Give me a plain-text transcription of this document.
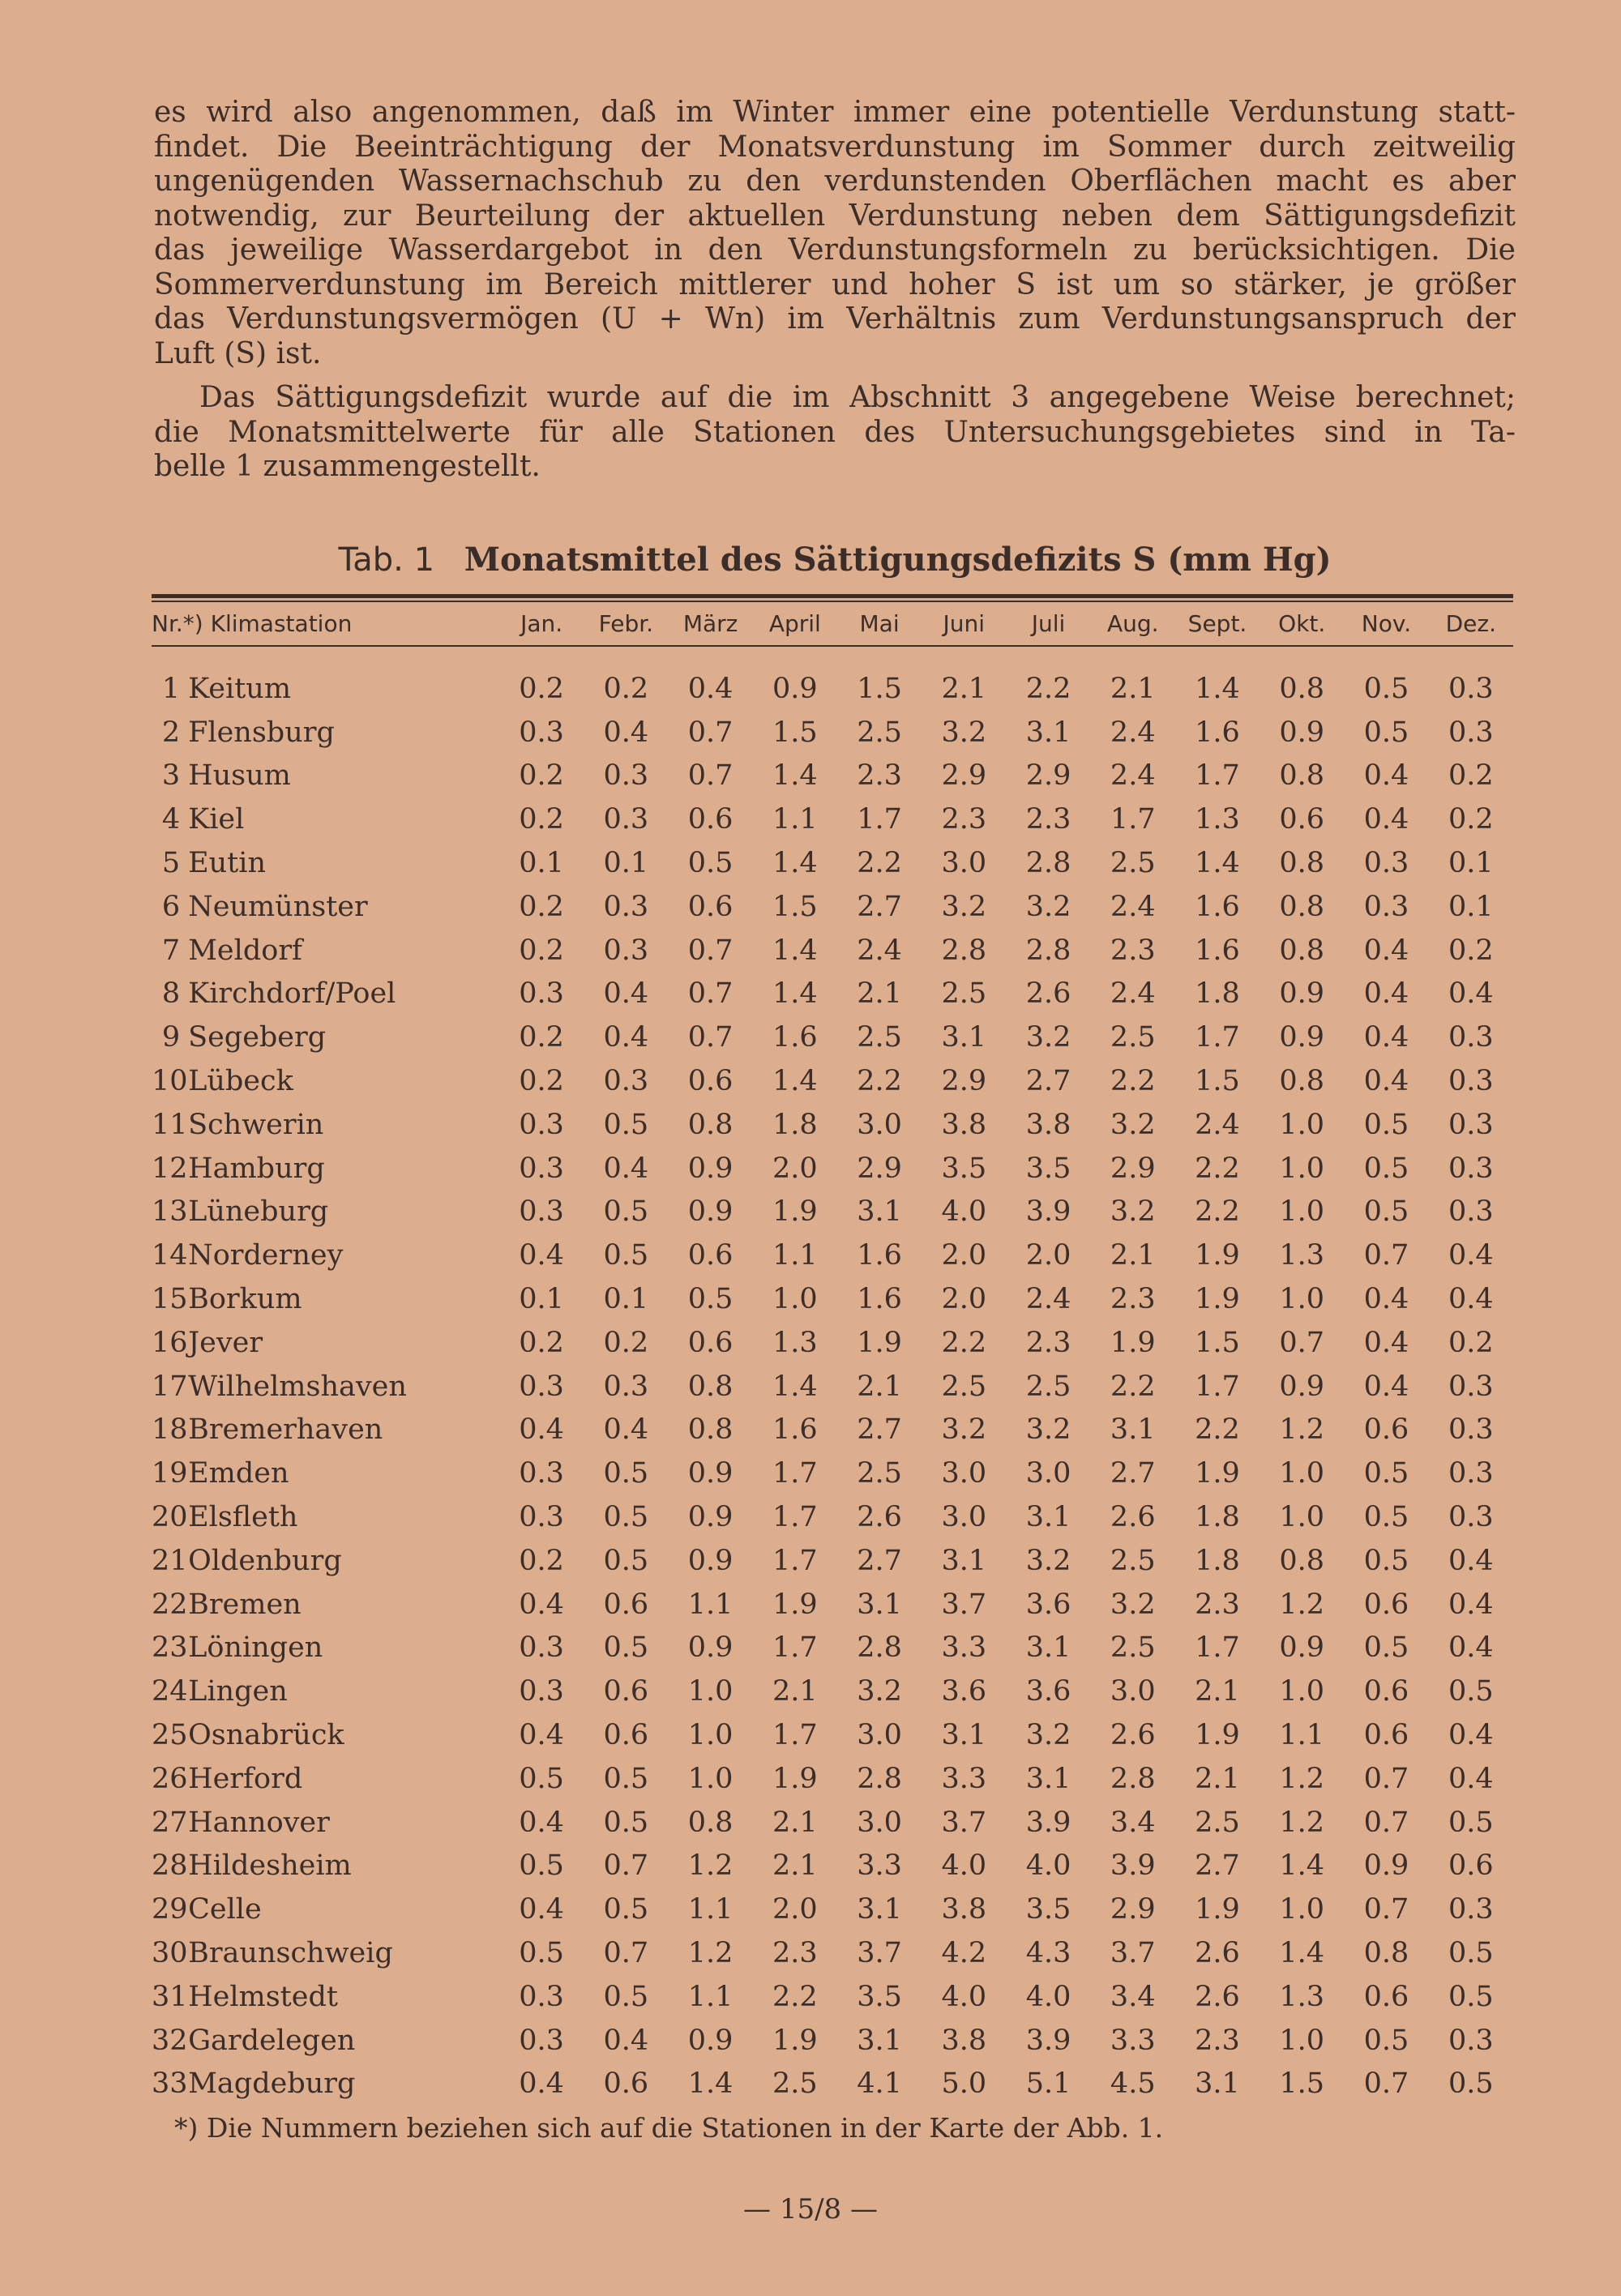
es wird also angenommen, daß im Winter immer eine potentielle Verdunstung statt-
findet. Die Beeinträchtigung der Monatsverdunstung im Sommer durch zeitweilig
ungenügenden Wassernachschub zu den verdunstenden Oberflächen macht es aber
notwendig, zur Beurteilung der aktuellen Verdunstung neben dem Sättigungsdefizit
das jeweilige Wasserdargebot in den Verdunstungsformeln zu berücksichtigen. Die
Sommerverdunstung im Bereich mittlerer und hoher S ist um so stärker, je größer
das Verdunstungsvermögen (U + Wn) im Verhältnis zum Verdunstungsanspruch der
Luft (S) ist.
Das Sättigungsdefizit wurde auf die im Abschnitt 3 angegebene Weise berechnet;
die Monatsmittelwerte für alle Stationen des Untersuchungsgebietes sind in Ta-
belle 1 zusammengestellt.
Tab. 1 Monatsmittel des Sättigungsdefizits S (mm Hg)
Nr.*) Klimastation	Jan.	Febr.	März	April	Mai	Juni	Juli	Aug.	Sept.	Okt.	Nov.	Dez.
1	Keitum	0.2	0.2	0.4	0.9	1.5	2.1	2.2	2.1	1.4	0.8	0.5	0.3
2	Flensburg	0.3	0.4	0.7	1.5	2.5	3.2	3.1	2.4	1.6	0.9	0.5	0.3
3	Husum	0.2	0.3	0.7	1.4	2.3	2.9	2.9	2.4	1.7	0.8	0.4	0.2
4	Kiel	0.2	0.3	0.6	1.1	1.7	2.3	2.3	1.7	1.3	0.6	0.4	0.2
5	Eutin	0.1	0.1	0.5	1.4	2.2	3.0	2.8	2.5	1.4	0.8	0.3	0.1
6	Neumünster	0.2	0.3	0.6	1.5	2.7	3.2	3.2	2.4	1.6	0.8	0.3	0.1
7	Meldorf	0.2	0.3	0.7	1.4	2.4	2.8	2.8	2.3	1.6	0.8	0.4	0.2
8	Kirchdorf/Poel	0.3	0.4	0.7	1.4	2.1	2.5	2.6	2.4	1.8	0.9	0.4	0.4
9	Segeberg	0.2	0.4	0.7	1.6	2.5	3.1	3.2	2.5	1.7	0.9	0.4	0.3
10	Lübeck	0.2	0.3	0.6	1.4	2.2	2.9	2.7	2.2	1.5	0.8	0.4	0.3
11	Schwerin	0.3	0.5	0.8	1.8	3.0	3.8	3.8	3.2	2.4	1.0	0.5	0.3
12	Hamburg	0.3	0.4	0.9	2.0	2.9	3.5	3.5	2.9	2.2	1.0	0.5	0.3
13	Lüneburg	0.3	0.5	0.9	1.9	3.1	4.0	3.9	3.2	2.2	1.0	0.5	0.3
14	Norderney	0.4	0.5	0.6	1.1	1.6	2.0	2.0	2.1	1.9	1.3	0.7	0.4
15	Borkum	0.1	0.1	0.5	1.0	1.6	2.0	2.4	2.3	1.9	1.0	0.4	0.4
16	Jever	0.2	0.2	0.6	1.3	1.9	2.2	2.3	1.9	1.5	0.7	0.4	0.2
17	Wilhelmshaven	0.3	0.3	0.8	1.4	2.1	2.5	2.5	2.2	1.7	0.9	0.4	0.3
18	Bremerhaven	0.4	0.4	0.8	1.6	2.7	3.2	3.2	3.1	2.2	1.2	0.6	0.3
19	Emden	0.3	0.5	0.9	1.7	2.5	3.0	3.0	2.7	1.9	1.0	0.5	0.3
20	Elsfleth	0.3	0.5	0.9	1.7	2.6	3.0	3.1	2.6	1.8	1.0	0.5	0.3
21	Oldenburg	0.2	0.5	0.9	1.7	2.7	3.1	3.2	2.5	1.8	0.8	0.5	0.4
22	Bremen	0.4	0.6	1.1	1.9	3.1	3.7	3.6	3.2	2.3	1.2	0.6	0.4
23	Löningen	0.3	0.5	0.9	1.7	2.8	3.3	3.1	2.5	1.7	0.9	0.5	0.4
24	Lingen	0.3	0.6	1.0	2.1	3.2	3.6	3.6	3.0	2.1	1.0	0.6	0.5
25	Osnabrück	0.4	0.6	1.0	1.7	3.0	3.1	3.2	2.6	1.9	1.1	0.6	0.4
26	Herford	0.5	0.5	1.0	1.9	2.8	3.3	3.1	2.8	2.1	1.2	0.7	0.4
27	Hannover	0.4	0.5	0.8	2.1	3.0	3.7	3.9	3.4	2.5	1.2	0.7	0.5
28	Hildesheim	0.5	0.7	1.2	2.1	3.3	4.0	4.0	3.9	2.7	1.4	0.9	0.6
29	Celle	0.4	0.5	1.1	2.0	3.1	3.8	3.5	2.9	1.9	1.0	0.7	0.3
30	Braunschweig	0.5	0.7	1.2	2.3	3.7	4.2	4.3	3.7	2.6	1.4	0.8	0.5
31	Helmstedt	0.3	0.5	1.1	2.2	3.5	4.0	4.0	3.4	2.6	1.3	0.6	0.5
32	Gardelegen	0.3	0.4	0.9	1.9	3.1	3.8	3.9	3.3	2.3	1.0	0.5	0.3
33	Magdeburg	0.4	0.6	1.4	2.5	4.1	5.0	5.1	4.5	3.1	1.5	0.7	0.5
*) Die Nummern beziehen sich auf die Stationen in der Karte der Abb. 1.
— 15/8 —
